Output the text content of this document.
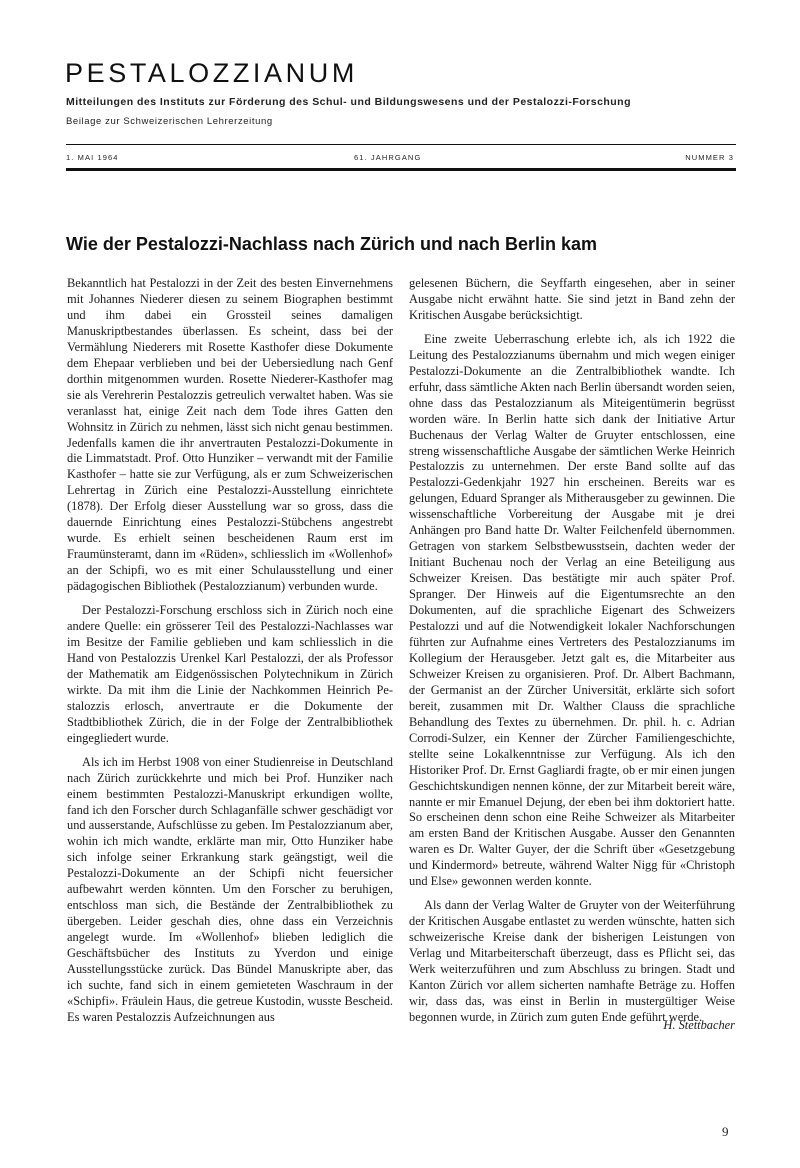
PESTALOZZIANUM
Mitteilungen des Instituts zur Förderung des Schul- und Bildungswesens und der Pestalozzi-Forschung
Beilage zur Schweizerischen Lehrerzeitung
1. MAI 1964	61. JAHRGANG	NUMMER 3
Wie der Pestalozzi-Nachlass nach Zürich und nach Berlin kam

Bekanntlich hat Pestalozzi in der Zeit des besten Einvernehmens mit Johannes Niederer diesen zu seinem Biographen bestimmt und ihm dabei ein Grossteil seines damaligen Manuskriptbestandes überlassen. Es scheint, dass bei der Vermählung Niederers mit Rosette Kasthofer diese Dokumente dem Ehepaar verblieben und bei der Uebersiedlung nach Genf dorthin mitgenommen wurden. Rosette Niederer-Kasthofer mag sie als Verehrerin Pestalozzis getreulich verwaltet haben. Was sie veranlasst hat, einige Zeit nach dem Tode ihres Gatten den Wohnsitz in Zürich zu nehmen, lässt sich nicht genau bestimmen. Jedenfalls kamen die ihr anvertrauten Pestalozzi-Dokumente in die Limmatstadt. Prof. Otto Hunziker – verwandt mit der Familie Kasthofer – hatte sie zur Verfügung, als er zum Schweizerischen Lehrertag in Zürich eine Pestalozzi-Ausstellung einrichtete (1878). Der Erfolg dieser Ausstellung war so gross, dass die dauernde Einrichtung eines Pestalozzi-Stübchens angestrebt wurde. Es erhielt seinen bescheidenen Raum erst im Fraumünsteramt, dann im «Rüden», schliesslich im «Wollenhof» an der Schipfi, wo es mit einer Schulausstellung und einer pädagogischen Bibliothek (Pestalozzianum) verbunden wurde.

Der Pestalozzi-Forschung erschloss sich in Zürich noch eine andere Quelle: ein grösserer Teil des Pestalozzi-Nachlasses war im Besitze der Familie geblieben und kam schliesslich in die Hand von Pestalozzis Urenkel Karl Pestalozzi, der als Professor der Mathematik am Eidgenössischen Polytechnikum in Zürich wirkte. Da mit ihm die Linie der Nachkommen Heinrich Pestalozzis erlosch, anvertraute er die Dokumente der Stadtbibliothek Zürich, die in der Folge der Zentralbibliothek eingegliedert wurde.

Als ich im Herbst 1908 von einer Studienreise in Deutschland nach Zürich zurückkehrte und mich bei Prof. Hunziker nach einem bestimmten Pestalozzi-Manuskript erkundigen wollte, fand ich den Forscher durch Schlaganfälle schwer geschädigt vor und ausserstande, Aufschlüsse zu geben. Im Pestalozzianum aber, wohin ich mich wandte, erklärte man mir, Otto Hunziker habe sich infolge seiner Erkrankung stark geängstigt, weil die Pestalozzi-Dokumente an der Schipfi nicht feuersicher aufbewahrt werden könnten. Um den Forscher zu beruhigen, entschloss man sich, die Bestände der Zentralbibliothek zu übergeben. Leider geschah dies, ohne dass ein Verzeichnis angelegt wurde. Im «Wollenhof» blieben lediglich die Geschäftsbücher des Instituts zu Yverdon und einige Ausstellungsstücke zurück. Das Bündel Manuskripte aber, das ich suchte, fand sich in einem gemieteten Waschraum in der «Schipfi». Fräulein Haus, die getreue Kustodin, wusste Bescheid. Es waren Pestalozzis Aufzeichnungen aus

gelesenen Büchern, die Seyffarth eingesehen, aber in seiner Ausgabe nicht erwähnt hatte. Sie sind jetzt in Band zehn der Kritischen Ausgabe berücksichtigt.

Eine zweite Ueberraschung erlebte ich, als ich 1922 die Leitung des Pestalozzianums übernahm und mich wegen einiger Pestalozzi-Dokumente an die Zentralbibliothek wandte. Ich erfuhr, dass sämtliche Akten nach Berlin übersandt worden seien, ohne dass das Pestalozzianum als Miteigentümerin begrüsst worden wäre. In Berlin hatte sich dank der Initiative Artur Buchenaus der Verlag Walter de Gruyter entschlossen, eine streng wissenschaftliche Ausgabe der sämtlichen Werke Heinrich Pestalozzis zu unternehmen. Der erste Band sollte auf das Pestalozzi-Gedenkjahr 1927 hin erscheinen. Bereits war es gelungen, Eduard Spranger als Mitherausgeber zu gewinnen. Die wissenschaftliche Vorbereitung der Ausgabe mit je drei Anhängen pro Band hatte Dr. Walter Feilchenfeld übernommen. Getragen von starkem Selbstbewusstsein, dachten weder der Initiant Buchenau noch der Verlag an eine Beteiligung aus Schweizer Kreisen. Das bestätigte mir auch später Prof. Spranger. Der Hinweis auf die Eigentumsrechte an den Dokumenten, auf die sprachliche Eigenart des Schweizers Pestalozzi und auf die Notwendigkeit lokaler Nachforschungen führten zur Aufnahme eines Vertreters des Pestalozzianums im Kollegium der Herausgeber. Jetzt galt es, die Mitarbeiter aus Schweizer Kreisen zu organisieren. Prof. Dr. Albert Bachmann, der Germanist an der Zürcher Universität, erklärte sich sofort bereit, zusammen mit Dr. Walther Clauss die sprachliche Behandlung des Textes zu übernehmen. Dr. phil. h. c. Adrian Corrodi-Sulzer, ein Kenner der Zürcher Familiengeschichte, stellte seine Lokalkenntnisse zur Verfügung. Als ich den Historiker Prof. Dr. Ernst Gagliardi fragte, ob er mir einen jungen Geschichtskundigen nennen könne, der zur Mitarbeit bereit wäre, nannte er mir Emanuel Dejung, der eben bei ihm doktoriert hatte. So erscheinen denn schon eine Reihe Schweizer als Mitarbeiter am ersten Band der Kritischen Ausgabe. Ausser den Genannten waren es Dr. Walter Guyer, der die Schrift über «Gesetzgebung und Kindermord» betreute, während Walter Nigg für «Christoph und Else» gewonnen werden konnte.

Als dann der Verlag Walter de Gruyter von der Weiterführung der Kritischen Ausgabe entlastet zu werden wünschte, hatten sich schweizerische Kreise dank der bisherigen Leistungen von Verlag und Mitarbeiterschaft überzeugt, dass es Pflicht sei, das Werk weiterzuführen und zum Abschluss zu bringen. Stadt und Kanton Zürich vor allem sicherten namhafte Beträge zu. Hoffen wir, dass das, was einst in Berlin in mustergültiger Weise begonnen wurde, in Zürich zum guten Ende geführt werde.

H. Stettbacher
9
